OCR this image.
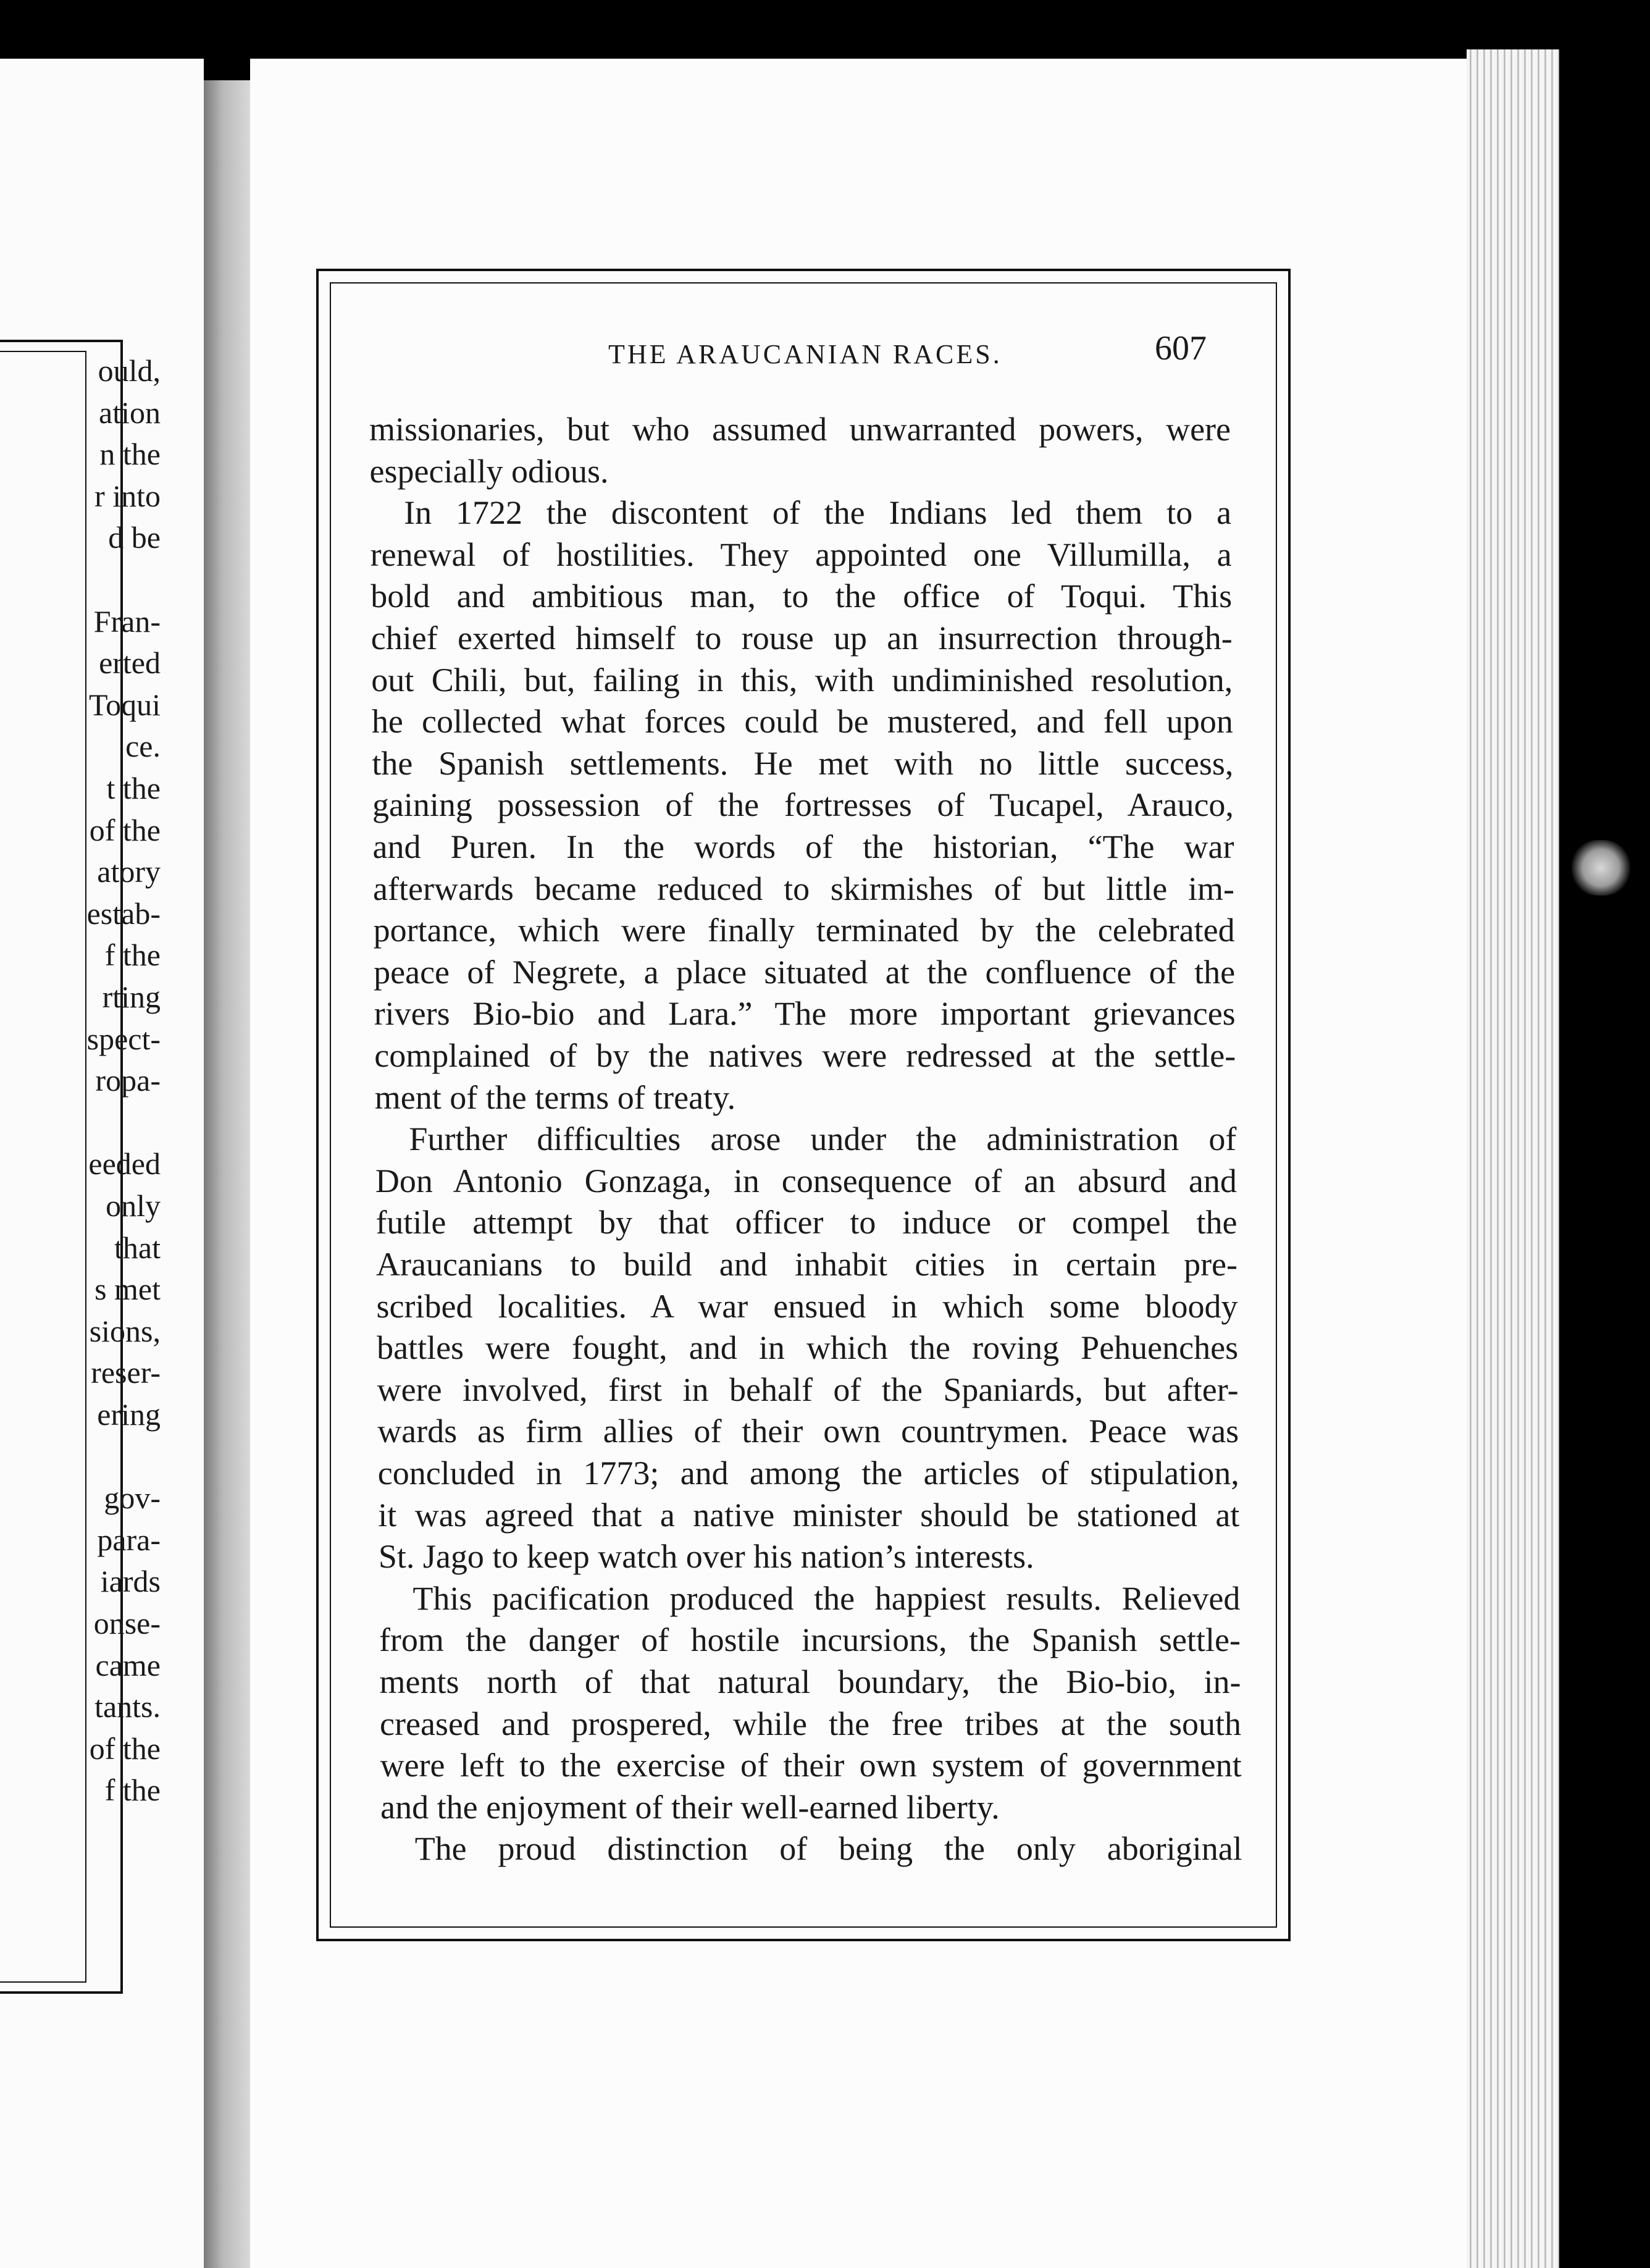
ould,
ation
n the
r into
d be
Fran-
erted
Toqui
ce.
t the
of the
atory
estab-
f the
rting
spect-
ropa-
eeded
only
that
s met
sions,
reser-
ering
gov-
para-
iards
onse-
came
tants.
of the
f the
THE ARAUCANIAN RACES.	607
missionaries, but who assumed unwarranted powers, were
especially odious.
In 1722 the discontent of the Indians led them to a
renewal of hostilities. They appointed one Villumilla, a
bold and ambitious man, to the office of Toqui. This
chief exerted himself to rouse up an insurrection through-
out Chili, but, failing in this, with undiminished resolution,
he collected what forces could be mustered, and fell upon
the Spanish settlements. He met with no little success,
gaining possession of the fortresses of Tucapel, Arauco,
and Puren. In the words of the historian, “The war
afterwards became reduced to skirmishes of but little im-
portance, which were finally terminated by the celebrated
peace of Negrete, a place situated at the confluence of the
rivers Bio-bio and Lara.” The more important grievances
complained of by the natives were redressed at the settle-
ment of the terms of treaty.
Further difficulties arose under the administration of
Don Antonio Gonzaga, in consequence of an absurd and
futile attempt by that officer to induce or compel the
Araucanians to build and inhabit cities in certain pre-
scribed localities. A war ensued in which some bloody
battles were fought, and in which the roving Pehuenches
were involved, first in behalf of the Spaniards, but after-
wards as firm allies of their own countrymen. Peace was
concluded in 1773; and among the articles of stipulation,
it was agreed that a native minister should be stationed at
St. Jago to keep watch over his nation’s interests.
This pacification produced the happiest results. Relieved
from the danger of hostile incursions, the Spanish settle-
ments north of that natural boundary, the Bio-bio, in-
creased and prospered, while the free tribes at the south
were left to the exercise of their own system of government
and the enjoyment of their well-earned liberty.
The proud distinction of being the only aboriginal
